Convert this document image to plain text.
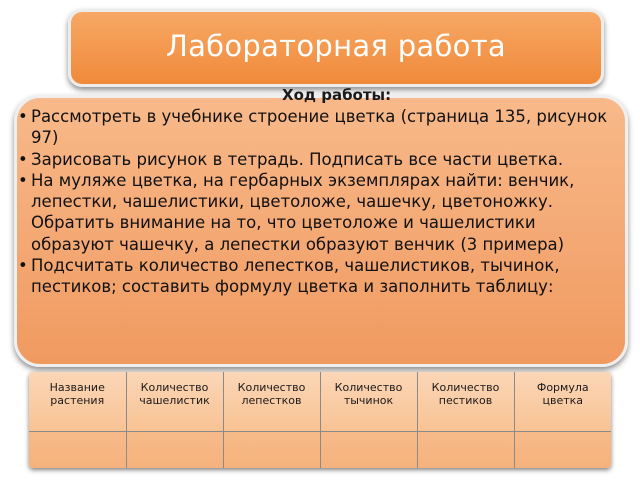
Лабораторная работа
Ход работы:
• Рассмотреть в учебнике строение цветка (страница 135, рисунок 97)
• Зарисовать рисунок в тетрадь. Подписать все части цветка.
• На муляже цветка, на гербарных экземплярах найти: венчик, лепестки, чашелистики, цветоложе, чашечку, цветоножку. Обратить внимание на то, что цветоложе и чашелистики образуют чашечку, а лепестки образуют венчик (3 примера)
• Подсчитать количество лепестков, чашелистиков, тычинок, пестиков; составить формулу цветка и заполнить таблицу:
Название растения	Количество чашелистик	Количество лепестков	Количество тычинок	Количество пестиков	Формула цветка
